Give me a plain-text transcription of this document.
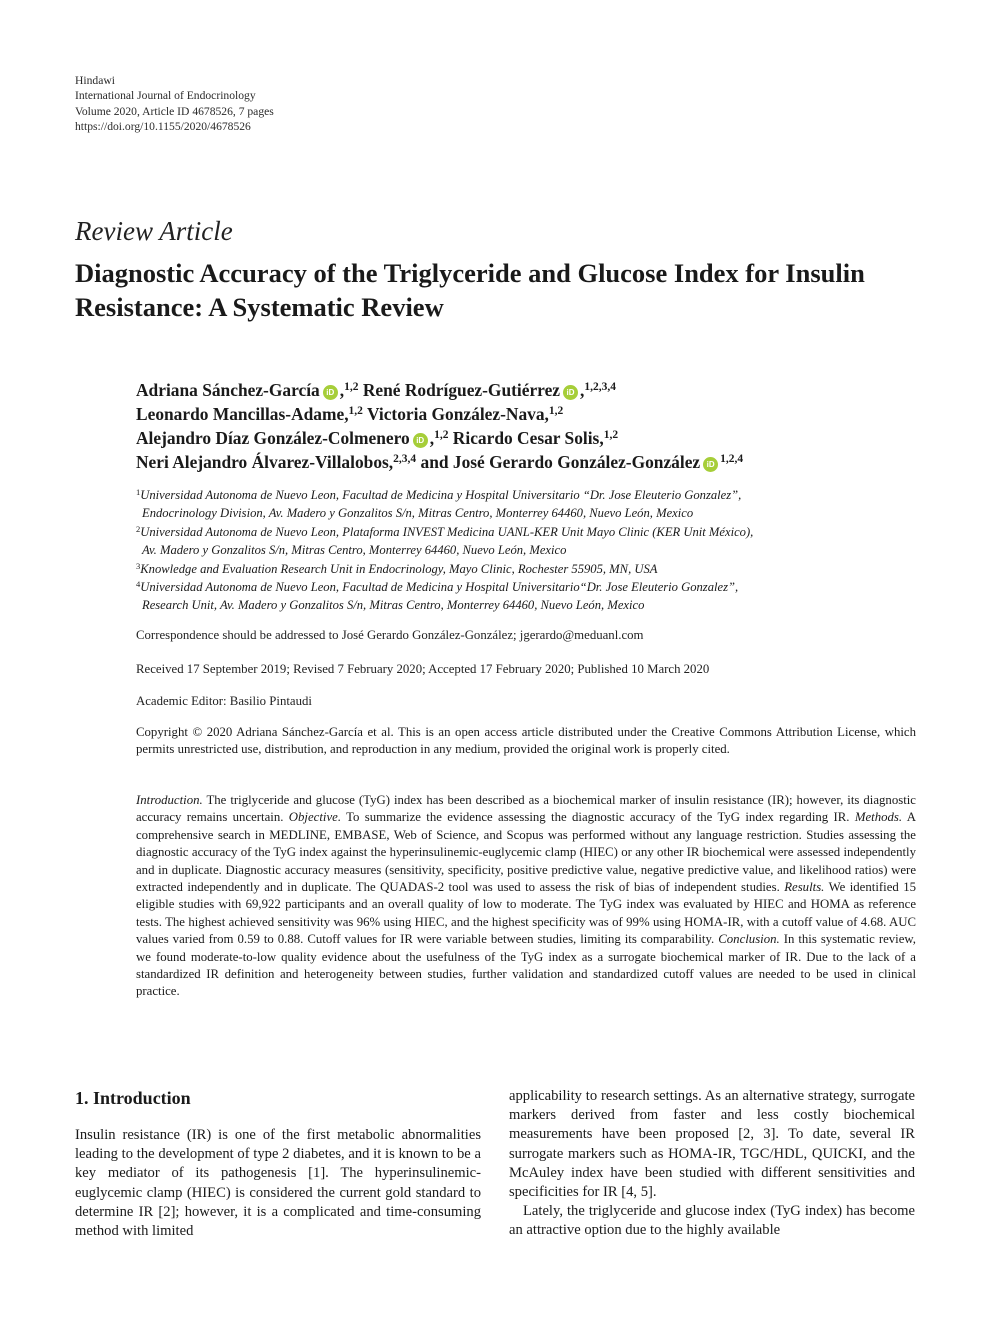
Hindawi
International Journal of Endocrinology
Volume 2020, Article ID 4678526, 7 pages
https://doi.org/10.1155/2020/4678526
Review Article
Diagnostic Accuracy of the Triglyceride and Glucose Index for Insulin Resistance: A Systematic Review
Adriana Sánchez-García iD ,$^{1,2}$ René Rodríguez-Gutiérrez iD ,$^{1,2,3,4}$
Leonardo Mancillas-Adame,$^{1,2}$ Victoria González-Nava,$^{1,2}$
Alejandro Díaz González-Colmenero iD ,$^{1,2}$ Ricardo Cesar Solis,$^{1,2}$
Neri Alejandro Álvarez-Villalobos,$^{2,3,4}$ and José Gerardo González-González iD $^{1,2,4}$
$^1$Universidad Autonoma de Nuevo Leon, Facultad de Medicina y Hospital Universitario “Dr. Jose Eleuterio Gonzalez”,
Endocrinology Division, Av. Madero y Gonzalitos S/n, Mitras Centro, Monterrey 64460, Nuevo León, Mexico
$^2$Universidad Autonoma de Nuevo Leon, Plataforma INVEST Medicina UANL-KER Unit Mayo Clinic (KER Unit México),
Av. Madero y Gonzalitos S/n, Mitras Centro, Monterrey 64460, Nuevo León, Mexico
$^3$Knowledge and Evaluation Research Unit in Endocrinology, Mayo Clinic, Rochester 55905, MN, USA
$^4$Universidad Autonoma de Nuevo Leon, Facultad de Medicina y Hospital Universitario“Dr. Jose Eleuterio Gonzalez”,
Research Unit, Av. Madero y Gonzalitos S/n, Mitras Centro, Monterrey 64460, Nuevo León, Mexico
Correspondence should be addressed to José Gerardo González-González; jgerardo@meduanl.com
Received 17 September 2019; Revised 7 February 2020; Accepted 17 February 2020; Published 10 March 2020
Academic Editor: Basilio Pintaudi
Copyright © 2020 Adriana Sánchez-García et al. This is an open access article distributed under the Creative Commons Attribution License, which permits unrestricted use, distribution, and reproduction in any medium, provided the original work is properly cited.
Introduction. The triglyceride and glucose (TyG) index has been described as a biochemical marker of insulin resistance (IR); however, its diagnostic accuracy remains uncertain. Objective. To summarize the evidence assessing the diagnostic accuracy of the TyG index regarding IR. Methods. A comprehensive search in MEDLINE, EMBASE, Web of Science, and Scopus was performed without any language restriction. Studies assessing the diagnostic accuracy of the TyG index against the hyperinsulinemic-euglycemic clamp (HIEC) or any other IR biochemical were assessed independently and in duplicate. Diagnostic accuracy measures (sensitivity, specificity, positive predictive value, negative predictive value, and likelihood ratios) were extracted independently and in duplicate. The QUADAS-2 tool was used to assess the risk of bias of independent studies. Results. We identified 15 eligible studies with 69,922 participants and an overall quality of low to moderate. The TyG index was evaluated by HIEC and HOMA as reference tests. The highest achieved sensitivity was 96% using HIEC, and the highest specificity was of 99% using HOMA-IR, with a cutoff value of 4.68. AUC values varied from 0.59 to 0.88. Cutoff values for IR were variable between studies, limiting its comparability. Conclusion. In this systematic review, we found moderate-to-low quality evidence about the usefulness of the TyG index as a surrogate biochemical marker of IR. Due to the lack of a standardized IR definition and heterogeneity between studies, further validation and standardized cutoff values are needed to be used in clinical practice.
1. Introduction

Insulin resistance (IR) is one of the first metabolic abnormalities leading to the development of type 2 diabetes, and it is known to be a key mediator of its pathogenesis [1]. The hyperinsulinemic-euglycemic clamp (HIEC) is considered the current gold standard to determine IR [2]; however, it is a complicated and time-consuming method with limited

applicability to research settings. As an alternative strategy, surrogate markers derived from faster and less costly biochemical measurements have been proposed [2, 3]. To date, several IR surrogate markers such as HOMA-IR, TGC/HDL, QUICKI, and the McAuley index have been studied with different sensitivities and specificities for IR [4, 5].

Lately, the triglyceride and glucose index (TyG index) has become an attractive option due to the highly available
